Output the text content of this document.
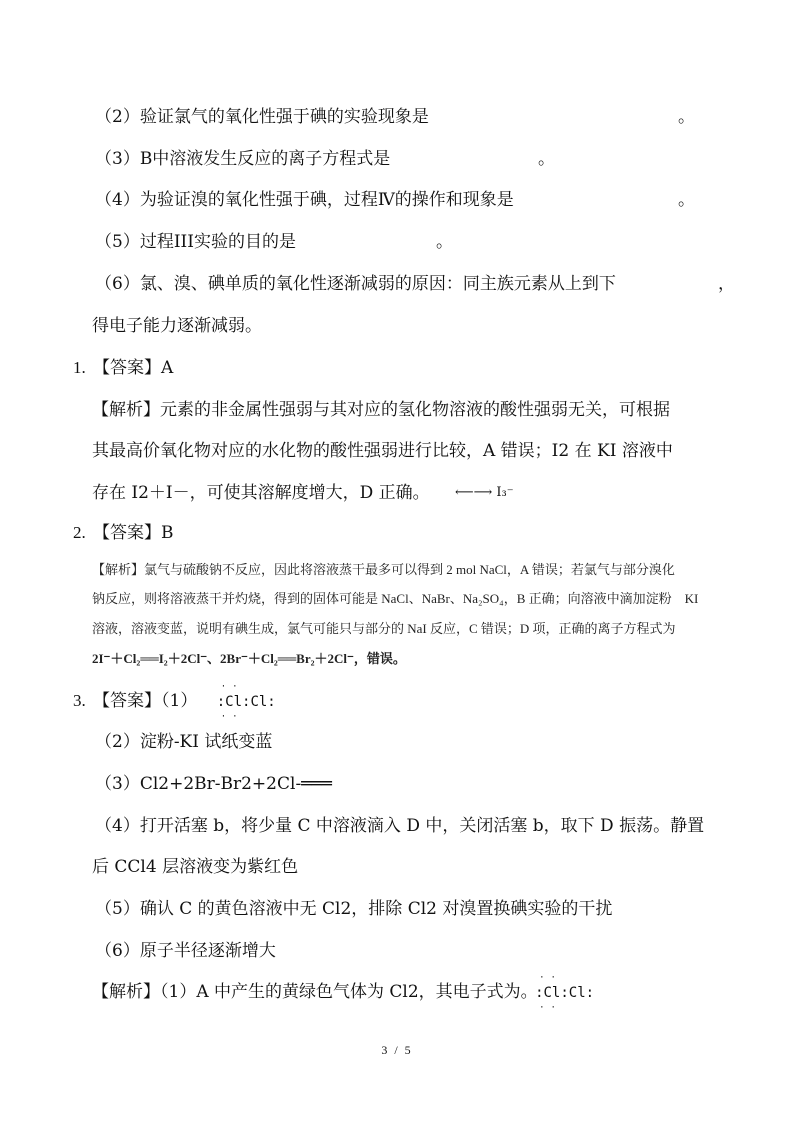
（2）验证氯气的氧化性强于碘的实验现象是	。
（3）B中溶液发生反应的离子方程式是	。
（4）为验证溴的氧化性强于碘，过程Ⅳ的操作和现象是	。
（5）过程III实验的目的是	。
（6）氯、溴、碘单质的氧化性逐渐减弱的原因：同主族元素从上到下	，
得电子能力逐渐减弱。
1. 【答案】A
【解析】元素的非金属性强弱与其对应的氢化物溶液的酸性强弱无关，可根据
其最高价氧化物对应的水化物的酸性强弱进行比较，A 错误；I2 在 KI 溶液中
存在 I2＋I－，可使其溶解度增大，D 正确。 ⟵⟶ I₃⁻
2. 【答案】B
【解析】氯气与硫酸钠不反应，因此将溶液蒸干最多可以得到 2 mol NaCl，A 错误；若氯气与部分溴化
钠反应，则将溶液蒸干并灼烧，得到的固体可能是 NaCl、NaBr、Na₂SO₄，B 正确；向溶液中滴加淀粉　KI
溶液，溶液变蓝，说明有碘生成，氯气可能只与部分的 NaI 反应，C 错误；D 项，正确的离子方程式为
2I⁻＋Cl₂══I₂＋2Cl⁻、2Br⁻＋Cl₂══Br₂＋2Cl⁻，错误。
3. 【答案】（1）
··
:Cl:Cl:
··
（2）淀粉-KI 试纸变蓝
（3）Cl2+2Br-Br2+2Cl-═══
（4）打开活塞 b，将少量 C 中溶液滴入 D 中，关闭活塞 b，取下 D 振荡。静置
后 CCl4 层溶液变为紫红色
（5）确认 C 的黄色溶液中无 Cl2，排除 Cl2 对溴置换碘实验的干扰
（6）原子半径逐渐增大
【解析】（1）A 中产生的黄绿色气体为 Cl2，其电子式为。
··
:Cl:Cl:
··
3 / 5
